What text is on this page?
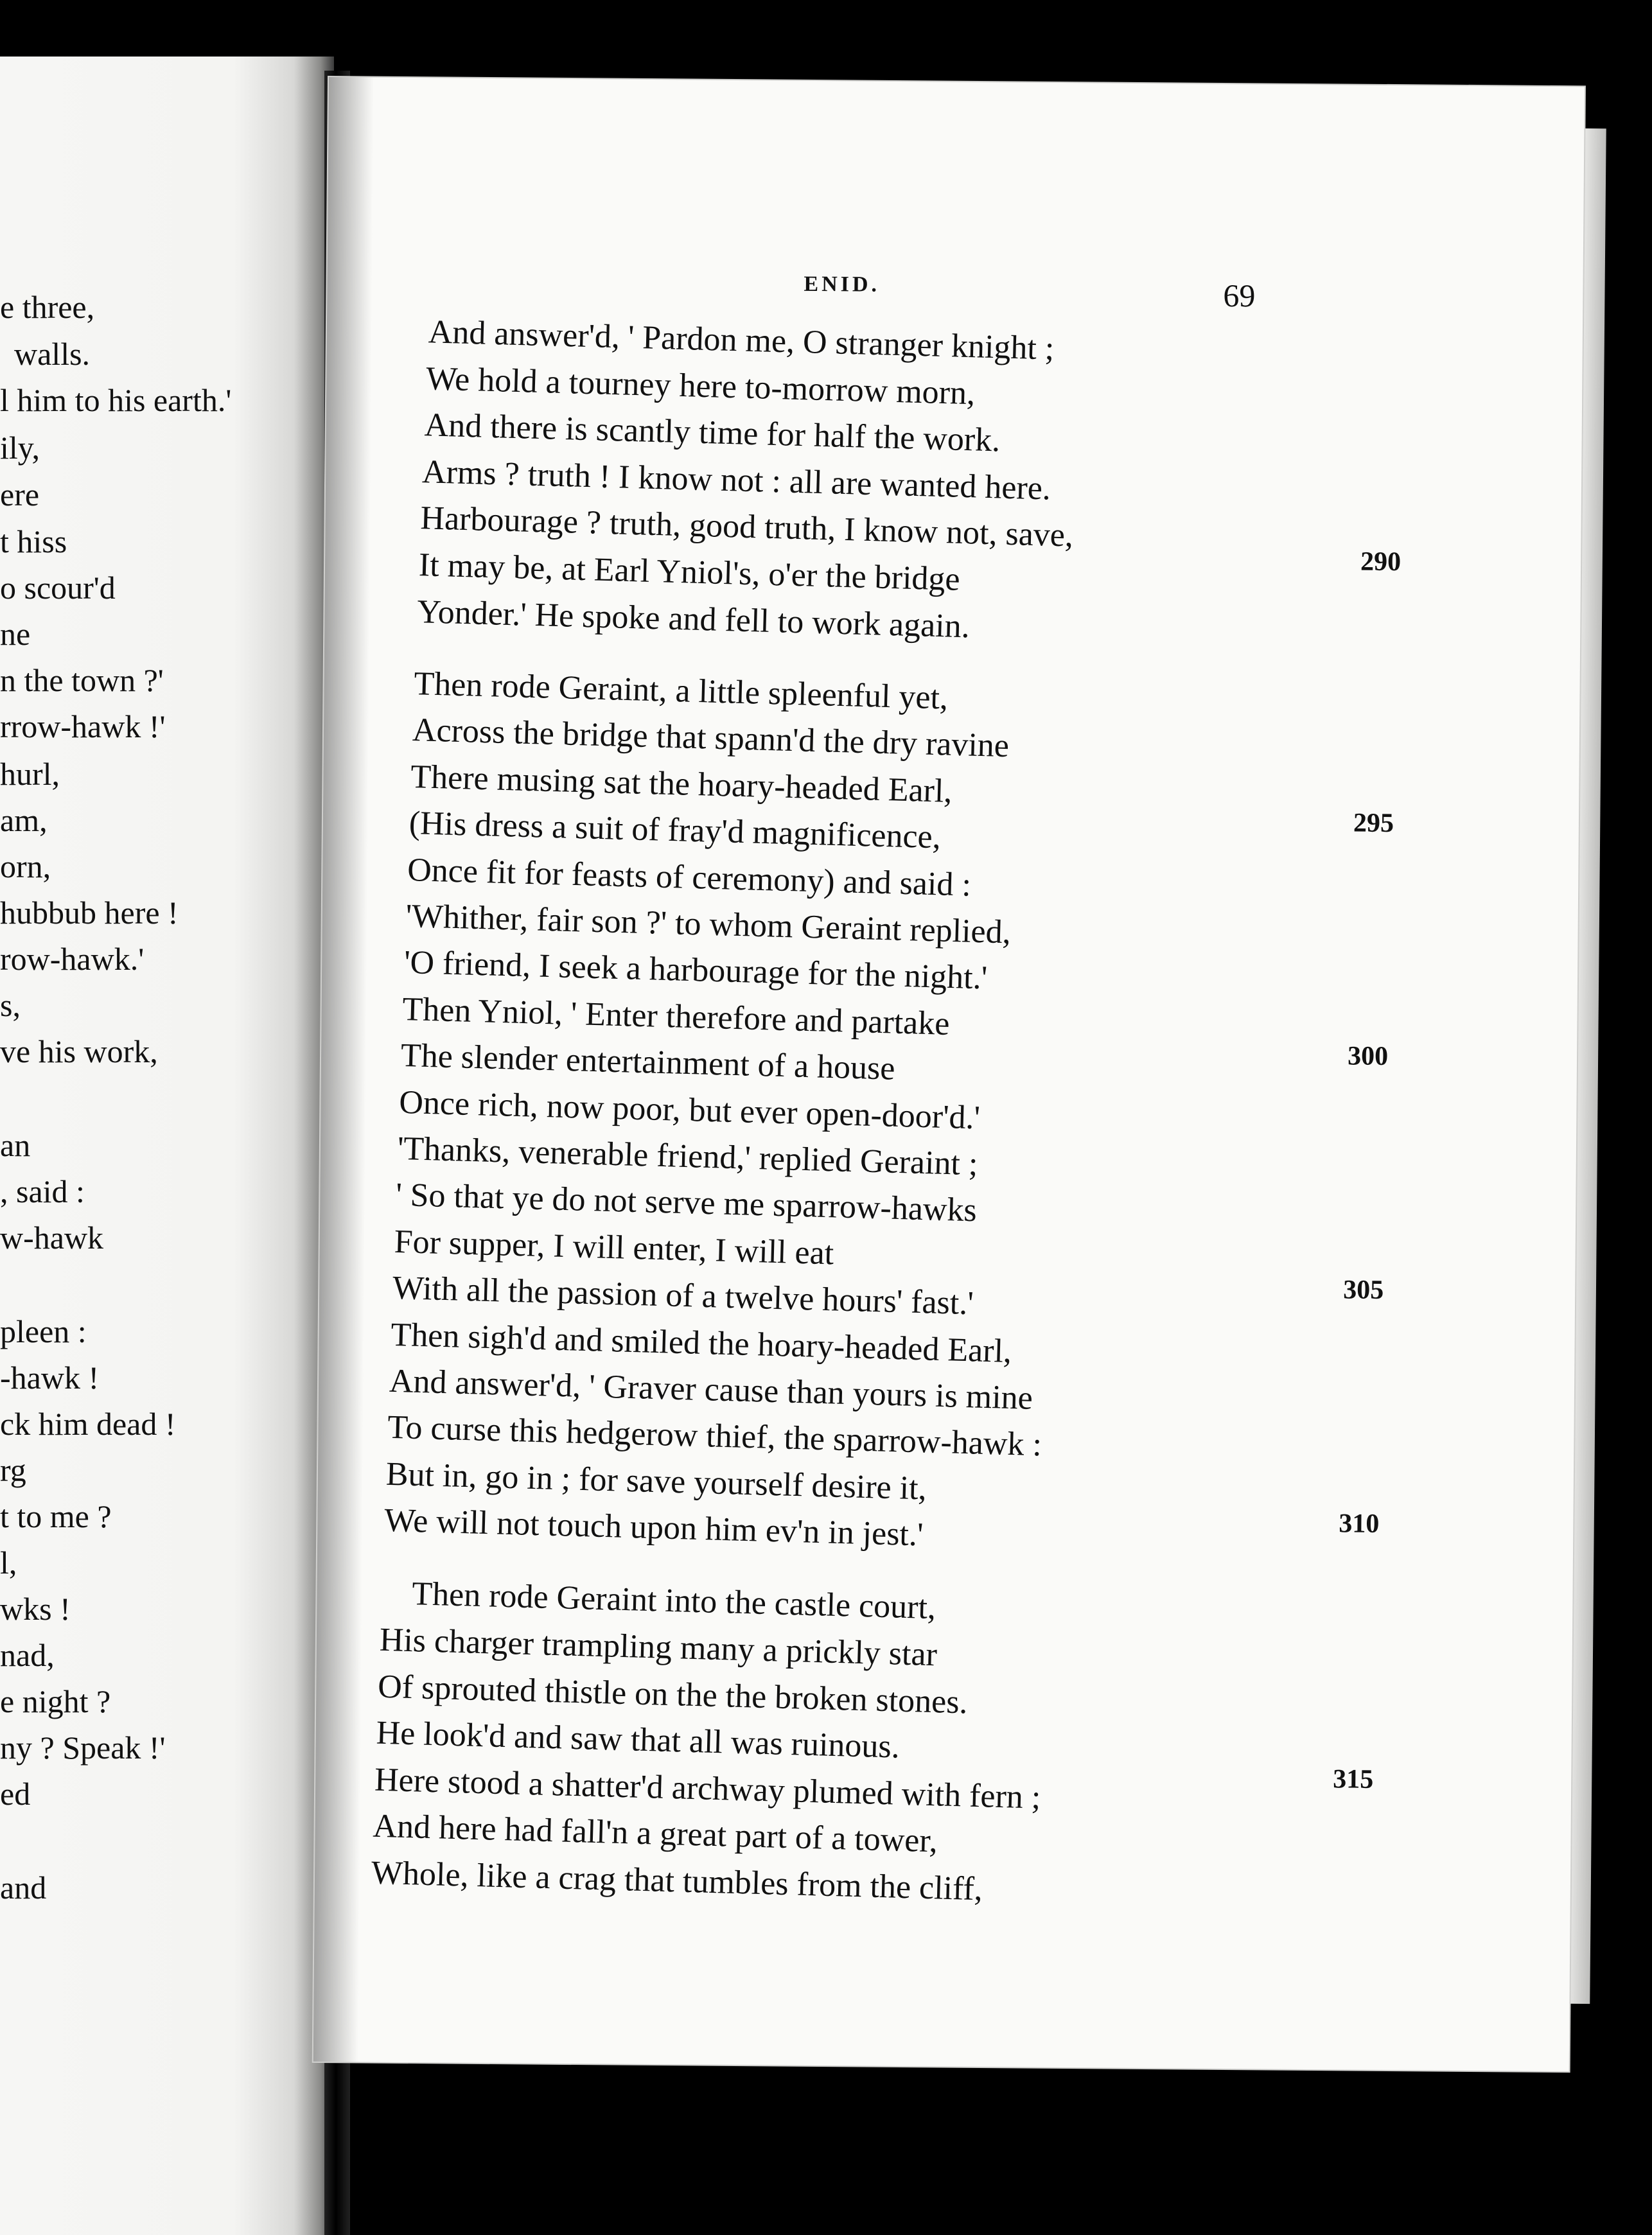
e three,
walls.
l him to his earth.'
ily,
ere
t hiss
o scour'd
ne
n the town ?'
rrow-hawk !'
hurl,
am,
orn,
hubbub here !
row-hawk.'
s,
ve his work,
an
, said :
w-hawk
pleen :
-hawk !
ck him dead !
rg
t to me ?
l,
wks !
nad,
e night ?
ny ? Speak !'
ed
and
ENID.	69
And answer'd, ' Pardon me, O stranger knight ;
We hold a tourney here to-morrow morn,
And there is scantly time for half the work.
Arms ? truth ! I know not : all are wanted here.
Harbourage ? truth, good truth, I know not, save,
It may be, at Earl Yniol's, o'er the bridge
Yonder.' He spoke and fell to work again.
Then rode Geraint, a little spleenful yet,
Across the bridge that spann'd the dry ravine
There musing sat the hoary-headed Earl,
(His dress a suit of fray'd magnificence,
Once fit for feasts of ceremony) and said :
'Whither, fair son ?' to whom Geraint replied,
'O friend, I seek a harbourage for the night.'
Then Yniol, ' Enter therefore and partake
The slender entertainment of a house
Once rich, now poor, but ever open-door'd.'
'Thanks, venerable friend,' replied Geraint ;
' So that ye do not serve me sparrow-hawks
For supper, I will enter, I will eat
With all the passion of a twelve hours' fast.'
Then sigh'd and smiled the hoary-headed Earl,
And answer'd, ' Graver cause than yours is mine
To curse this hedgerow thief, the sparrow-hawk :
But in, go in ; for save yourself desire it,
We will not touch upon him ev'n in jest.'
Then rode Geraint into the castle court,
His charger trampling many a prickly star
Of sprouted thistle on the the broken stones.
He look'd and saw that all was ruinous.
Here stood a shatter'd archway plumed with fern ;
And here had fall'n a great part of a tower,
Whole, like a crag that tumbles from the cliff,
290
295
300
305
310
315
